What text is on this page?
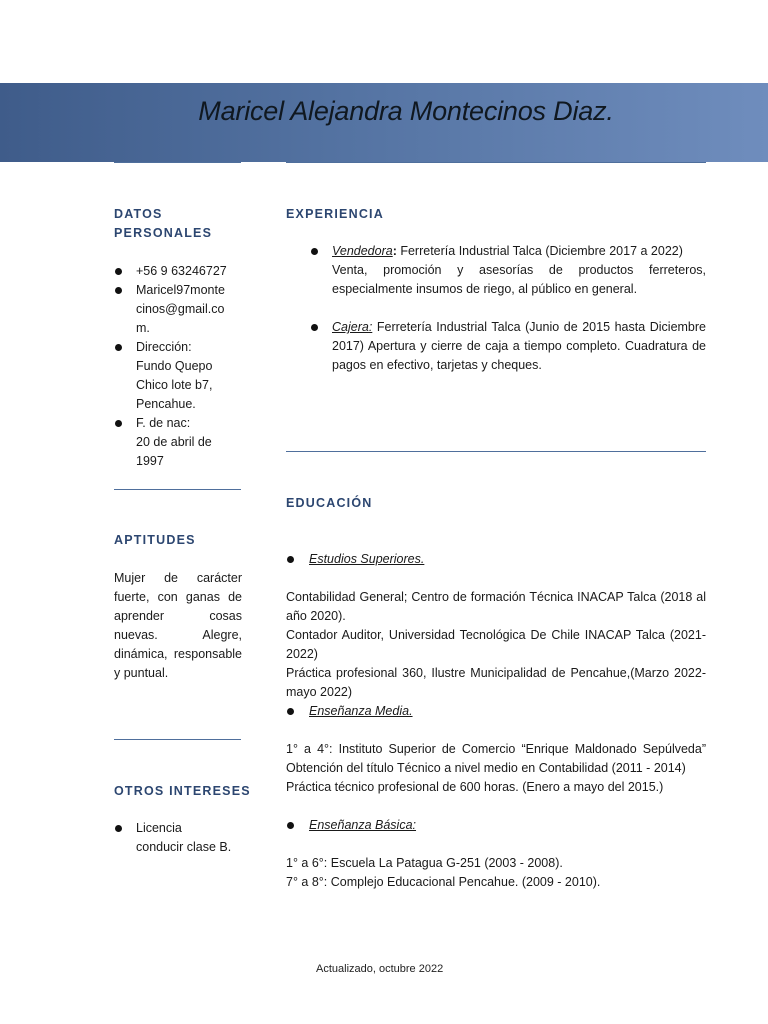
Maricel Alejandra Montecinos Diaz.
DATOS
PERSONALES
+56 9 63246727
Maricel97monte
cinos@gmail.co
m.
Dirección:
Fundo Quepo
Chico lote b7,
Pencahue.
F. de nac:
20 de abril de
1997
APTITUDES
Mujer de carácter fuerte, con ganas de aprender cosas nuevas. Alegre, dinámica, responsable y puntual.
OTROS INTERESES
Licencia
conducir clase B.
EXPERIENCIA
Vendedora: Ferretería Industrial Talca (Diciembre 2017 a 2022)
Venta, promoción y asesorías de productos ferreteros, especialmente insumos de riego, al público en general.
Cajera: Ferretería Industrial Talca (Junio de 2015 hasta Diciembre 2017) Apertura y cierre de caja a tiempo completo. Cuadratura de pagos en efectivo, tarjetas y cheques.
EDUCACIÓN
Estudios Superiores.
Contabilidad General; Centro de formación Técnica INACAP Talca (2018 al año 2020).
Contador Auditor, Universidad Tecnológica De Chile INACAP Talca (2021-2022)
Práctica profesional 360, Ilustre Municipalidad de Pencahue,(Marzo 2022-mayo 2022)
Enseñanza Media.
1° a 4°: Instituto Superior de Comercio “Enrique Maldonado Sepúlveda” Obtención del título Técnico a nivel medio en Contabilidad (2011 - 2014)
Práctica técnico profesional de 600 horas. (Enero a mayo del 2015.)
Enseñanza Básica:
1° a 6°: Escuela La Patagua G-251 (2003 - 2008).
7° a 8°: Complejo Educacional Pencahue. (2009 - 2010).
Actualizado, octubre 2022
